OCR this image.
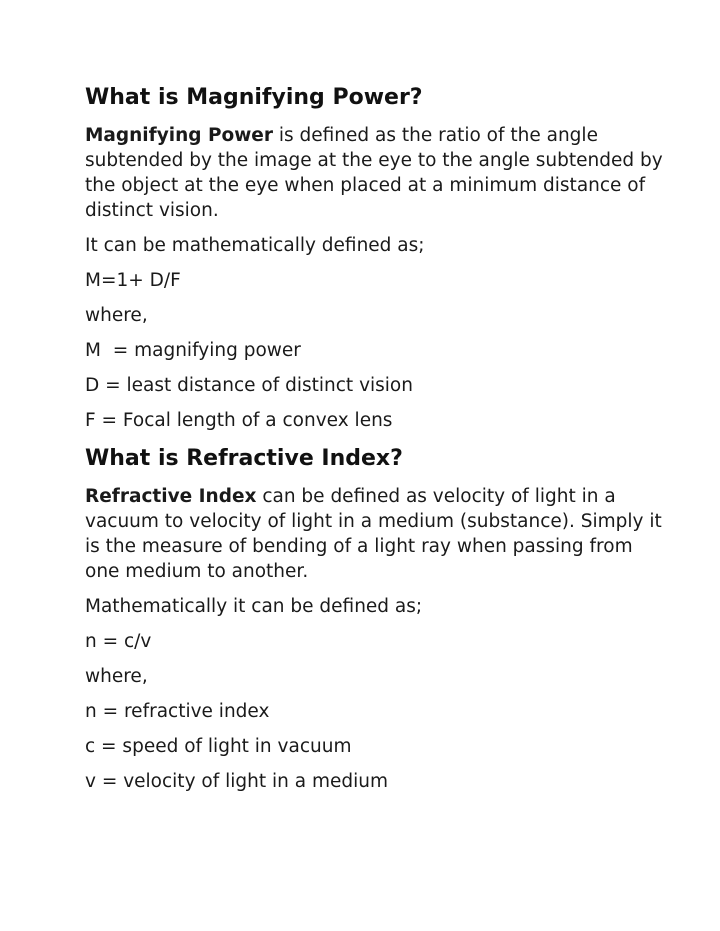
What is Magnifying Power?

Magnifying Power is defined as the ratio of the angle subtended by the image at the eye to the angle subtended by the object at the eye when placed at a minimum distance of distinct vision.

It can be mathematically defined as;

M=1+ D/F

where,

M  = magnifying power

D = least distance of distinct vision

F = Focal length of a convex lens

What is Refractive Index?

Refractive Index can be defined as velocity of light in a vacuum to velocity of light in a medium (substance). Simply it is the measure of bending of a light ray when passing from one medium to another.

Mathematically it can be defined as;

n = c/v

where,

n = refractive index

c = speed of light in vacuum

v = velocity of light in a medium
